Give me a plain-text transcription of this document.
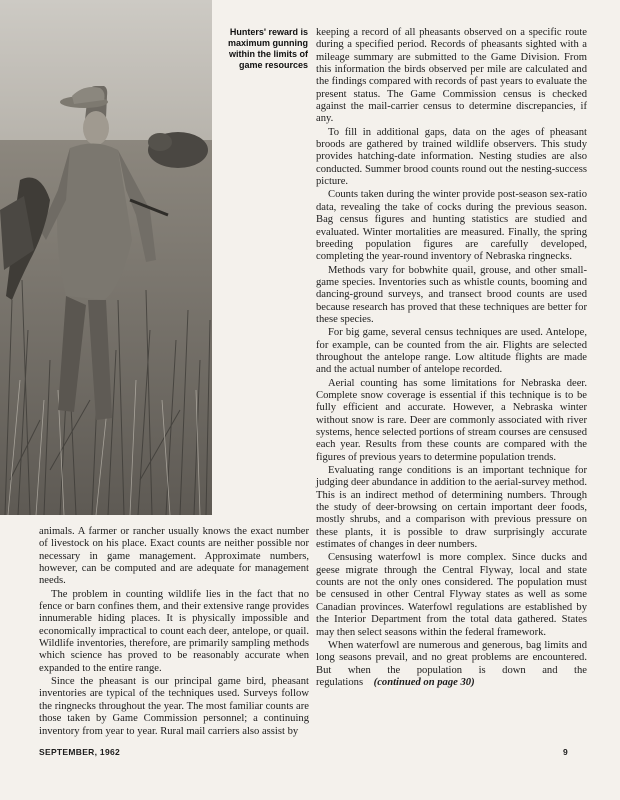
Hunters' reward is maximum gunning within the limits of game resources

animals. A farmer or rancher usually knows the exact number of livestock on his place. Exact counts are neither possible nor necessary in game management. Approximate numbers, however, can be computed and are adequate for management needs.

The problem in counting wildlife lies in the fact that no fence or barn confines them, and their extensive range provides innumerable hiding places. It is physically impossible and economically impractical to count each deer, antelope, or quail. Wildlife inventories, therefore, are primarily sampling methods which science has proved to be reasonably accurate when expanded to the entire range.

Since the pheasant is our principal game bird, pheasant inventories are typical of the techniques used. Surveys follow the ringnecks throughout the year. The most familiar counts are those taken by Game Commission personnel; a continuing inventory from year to year. Rural mail carriers also assist by

keeping a record of all pheasants observed on a specific route during a specified period. Records of pheasants sighted with a mileage summary are submitted to the Game Division. From this information the birds observed per mile are calculated and the findings compared with records of past years to evaluate the present status. The Game Commission census is checked against the mail-carrier census to determine discrepancies, if any.

To fill in additional gaps, data on the ages of pheasant broods are gathered by trained wildlife observers. This study provides hatching-date information. Nesting studies are also conducted. Summer brood counts round out the nesting-success picture.

Counts taken during the winter provide post-season sex-ratio data, revealing the take of cocks during the previous season. Bag census figures and hunting statistics are studied and evaluated. Winter mortalities are measured. Finally, the spring breeding population figures are carefully developed, completing the year-round inventory of Nebraska ringnecks.

Methods vary for bobwhite quail, grouse, and other small-game species. Inventories such as whistle counts, booming and dancing-ground surveys, and transect brood counts are used because research has proved that these techniques are better for these species.

For big game, several census techniques are used. Antelope, for example, can be counted from the air. Flights are selected throughout the antelope range. Low altitude flights are made and the actual number of antelope recorded.

Aerial counting has some limitations for Nebraska deer. Complete snow coverage is essential if this technique is to be fully efficient and accurate. However, a Nebraska winter without snow is rare. Deer are commonly associated with river systems, hence selected portions of stream courses are censused each year. Results from these counts are compared with the figures of previous years to determine population trends.

Evaluating range conditions is an important technique for judging deer abundance in addition to the aerial-survey method. This is an indirect method of determining numbers. Through the study of deer-browsing on certain important deer foods, mostly shrubs, and a comparison with previous pressure on these plants, it is possible to draw surprisingly accurate estimates of changes in deer numbers.

Censusing waterfowl is more complex. Since ducks and geese migrate through the Central Flyway, local and state counts are not the only ones considered. The population must be censused in other Central Flyway states as well as some Canadian provinces. Waterfowl regulations are established by the Interior Department from the total data gathered. States may then select seasons within the federal framework.

When waterfowl are numerous and generous, bag limits and long seasons prevail, and no great problems are encountered. But when the population is down and the regulations (continued on page 30)

SEPTEMBER, 1962	9
